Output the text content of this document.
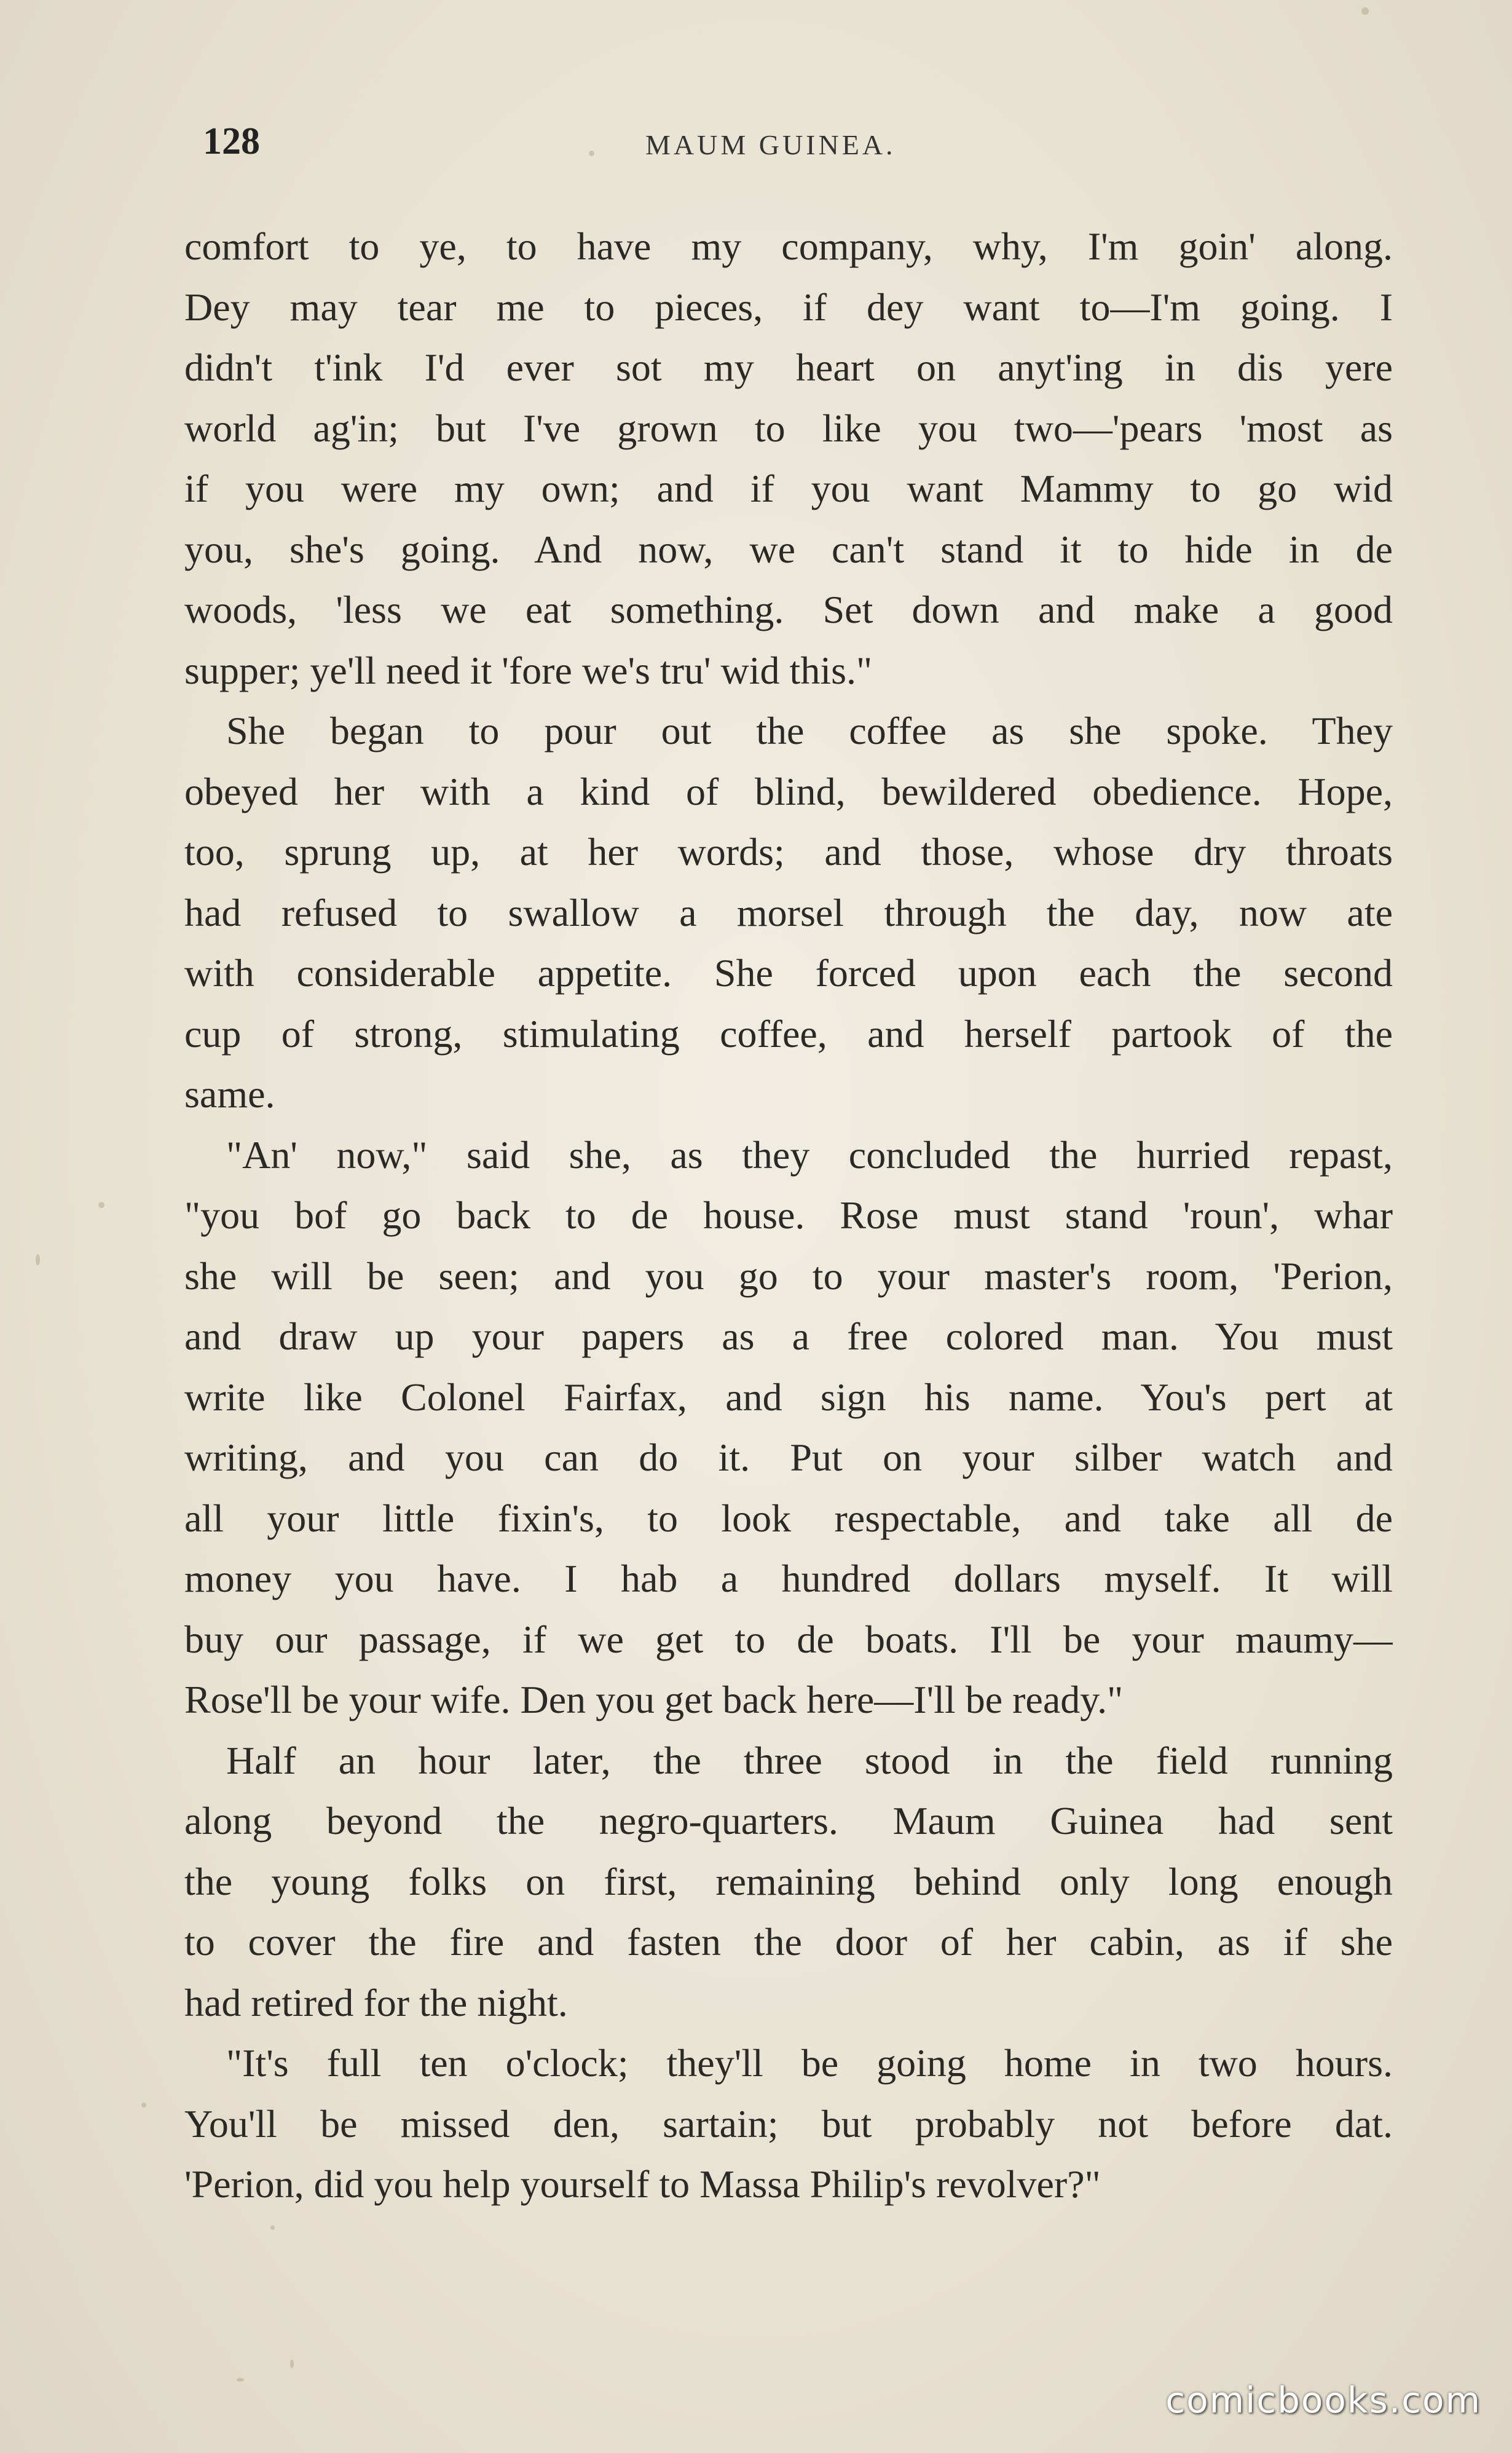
128	MAUM GUINEA.
comfort to ye, to have my company, why, I'm goin' along.
Dey may tear me to pieces, if dey want to—I'm going. I
didn't t'ink I'd ever sot my heart on anyt'ing in dis yere
world ag'in; but I've grown to like you two—'pears 'most as
if you were my own; and if you want Mammy to go wid
you, she's going. And now, we can't stand it to hide in de
woods, 'less we eat something. Set down and make a good
supper; ye'll need it 'fore we's tru' wid this."
She began to pour out the coffee as she spoke. They
obeyed her with a kind of blind, bewildered obedience. Hope,
too, sprung up, at her words; and those, whose dry throats
had refused to swallow a morsel through the day, now ate
with considerable appetite. She forced upon each the second
cup of strong, stimulating coffee, and herself partook of the
same.
"An' now," said she, as they concluded the hurried repast,
"you bof go back to de house. Rose must stand 'roun', whar
she will be seen; and you go to your master's room, 'Perion,
and draw up your papers as a free colored man. You must
write like Colonel Fairfax, and sign his name. You's pert at
writing, and you can do it. Put on your silber watch and
all your little fixin's, to look respectable, and take all de
money you have. I hab a hundred dollars myself. It will
buy our passage, if we get to de boats. I'll be your maumy—
Rose'll be your wife. Den you get back here—I'll be ready."
Half an hour later, the three stood in the field running
along beyond the negro-quarters. Maum Guinea had sent
the young folks on first, remaining behind only long enough
to cover the fire and fasten the door of her cabin, as if she
had retired for the night.
"It's full ten o'clock; they'll be going home in two hours.
You'll be missed den, sartain; but probably not before dat.
'Perion, did you help yourself to Massa Philip's revolver?"
comicbooks.com
